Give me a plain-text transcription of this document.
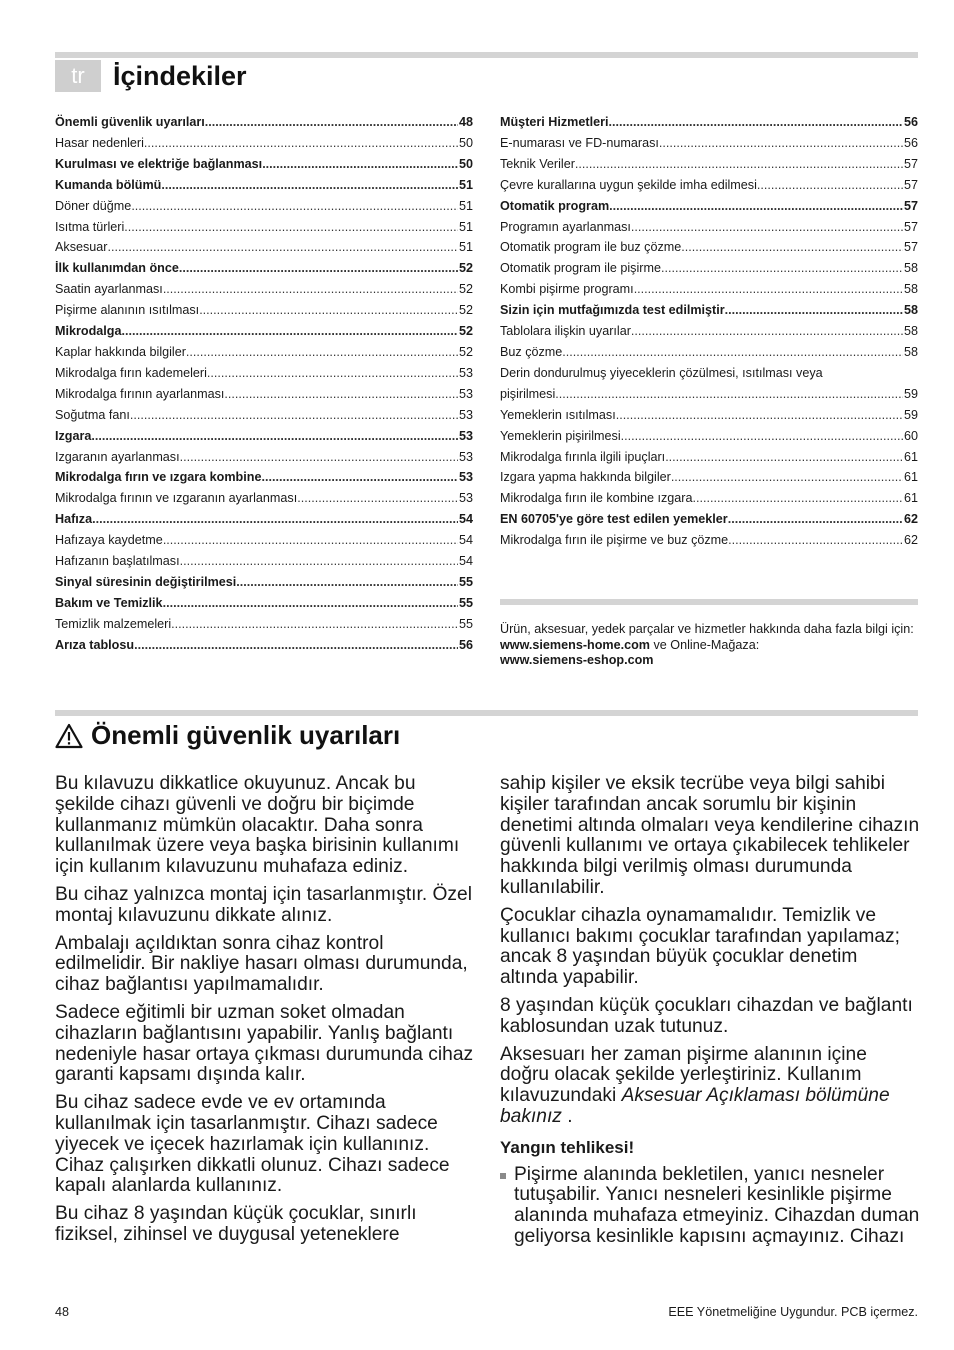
tr	İçindekiler
Önemli güvenlik uyarıları .....	48
Hasar nedenleri .....	50
Kurulması ve elektriğe bağlanması .....	50
Kumanda bölümü .....	51
Döner düğme .....	51
Isıtma türleri .....	51
Aksesuar .....	51
İlk kullanımdan önce .....	52
Saatin ayarlanması .....	52
Pişirme alanının ısıtılması .....	52
Mikrodalga .....	52
Kaplar hakkında bilgiler .....	52
Mikrodalga fırın kademeleri .....	53
Mikrodalga fırının ayarlanması .....	53
Soğutma fanı .....	53
Izgara .....	53
Izgaranın ayarlanması .....	53
Mikrodalga fırın ve ızgara kombine .....	53
Mikrodalga fırının ve ızgaranın ayarlanması .....	53
Hafıza .....	54
Hafızaya kaydetme .....	54
Hafızanın başlatılması .....	54
Sinyal süresinin değiştirilmesi .....	55
Bakım ve Temizlik .....	55
Temizlik malzemeleri .....	55
Arıza tablosu .....	56
Müşteri Hizmetleri .....	56
E-numarası ve FD-numarası .....	56
Teknik Veriler .....	57
Çevre kurallarına uygun şekilde imha edilmesi .....	57
Otomatik program .....	57
Programın ayarlanması .....	57
Otomatik program ile buz çözme .....	57
Otomatik program ile pişirme .....	58
Kombi pişirme programı .....	58
Sizin için mutfağımızda test edilmiştir .....	58
Tablolara ilişkin uyarılar .....	58
Buz çözme .....	58
Derin dondurulmuş yiyeceklerin çözülmesi, ısıtılması veya
pişirilmesi .....	59
Yemeklerin ısıtılması .....	59
Yemeklerin pişirilmesi .....	60
Mikrodalga fırınla ilgili ipuçları .....	61
Izgara yapma hakkında bilgiler .....	61
Mikrodalga fırın ile kombine ızgara .....	61
EN 60705'ye göre test edilen yemekler .....	62
Mikrodalga fırın ile pişirme ve buz çözme .....	62
Ürün, aksesuar, yedek parçalar ve hizmetler hakkında daha fazla bilgi için: www.siemens-home.com ve Online-Mağaza:
www.siemens-eshop.com
Önemli güvenlik uyarıları

Bu kılavuzu dikkatlice okuyunuz. Ancak bu şekilde cihazı güvenli ve doğru bir biçimde kullanmanız mümkün olacaktır. Daha sonra kullanılmak üzere veya başka birisinin kullanımı için kullanım kılavuzunu muhafaza ediniz.

Bu cihaz yalnızca montaj için tasarlanmıştır. Özel montaj kılavuzunu dikkate alınız.

Ambalajı açıldıktan sonra cihaz kontrol edilmelidir. Bir nakliye hasarı olması durumunda, cihaz bağlantısı yapılmamalıdır.

Sadece eğitimli bir uzman soket olmadan cihazların bağlantısını yapabilir. Yanlış bağlantı nedeniyle hasar ortaya çıkması durumunda cihaz garanti kapsamı dışında kalır.

Bu cihaz sadece evde ve ev ortamında kullanılmak için tasarlanmıştır. Cihazı sadece yiyecek ve içecek hazırlamak için kullanınız. Cihaz çalışırken dikkatli olunuz. Cihazı sadece kapalı alanlarda kullanınız.

Bu cihaz 8 yaşından küçük çocuklar, sınırlı fiziksel, zihinsel ve duygusal yeteneklere

sahip kişiler ve eksik tecrübe veya bilgi sahibi kişiler tarafından ancak sorumlu bir kişinin denetimi altında olmaları veya kendilerine cihazın güvenli kullanımı ve ortaya çıkabilecek tehlikeler hakkında bilgi verilmiş olması durumunda kullanılabilir.

Çocuklar cihazla oynamamalıdır. Temizlik ve kullanıcı bakımı çocuklar tarafından yapılamaz; ancak 8 yaşından büyük çocuklar denetim altında yapabilir.

8 yaşından küçük çocukları cihazdan ve bağlantı kablosundan uzak tutunuz.

Aksesuarı her zaman pişirme alanının içine doğru olacak şekilde yerleştiriniz. Kullanım kılavuzundaki Aksesuar Açıklaması bölümüne bakınız .

Yangın tehlikesi!
Pişirme alanında bekletilen, yanıcı nesneler tutuşabilir. Yanıcı nesneleri kesinlikle pişirme alanında muhafaza etmeyiniz. Cihazdan duman geliyorsa kesinlikle kapısını açmayınız. Cihazı
48	EEE Yönetmeliğine Uygundur. PCB içermez.
